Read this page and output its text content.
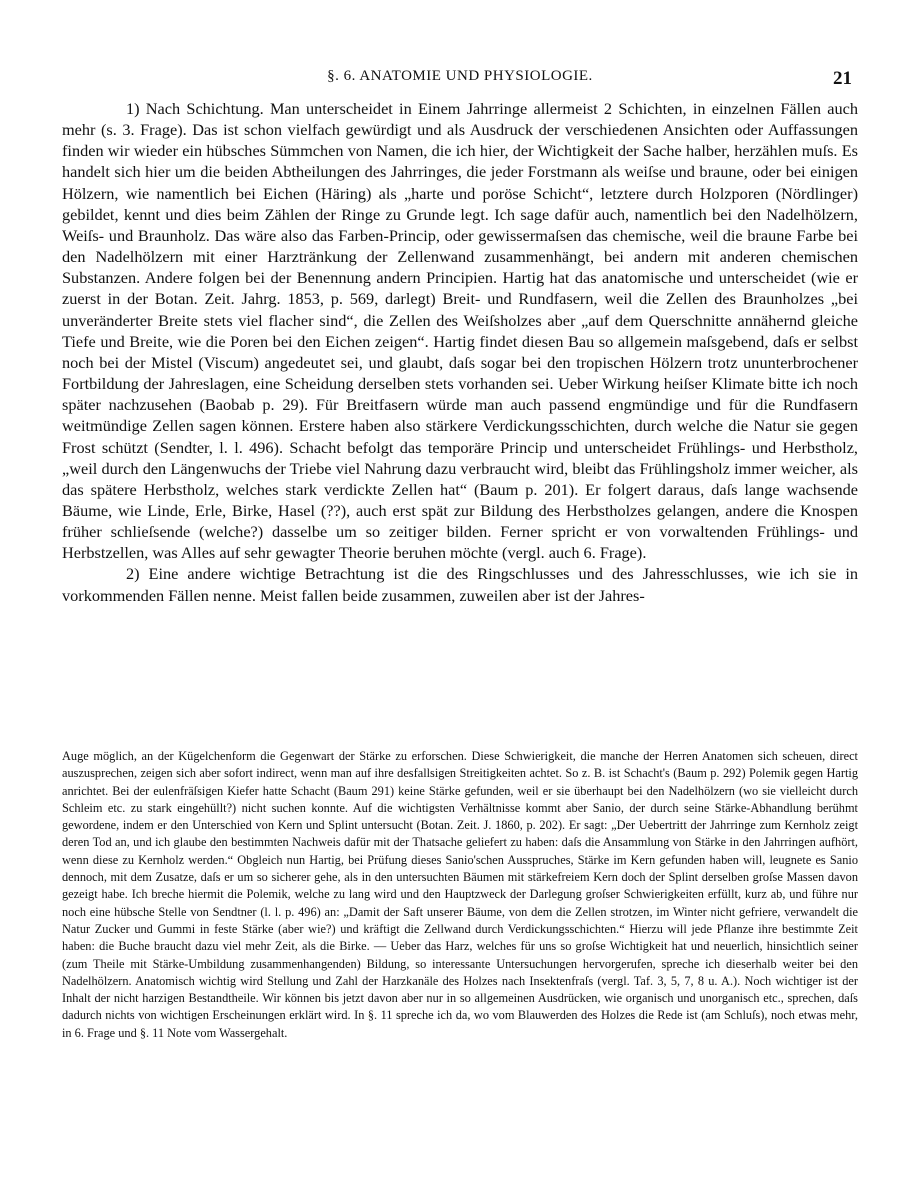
§. 6. ANATOMIE UND PHYSIOLOGIE.	21

1) Nach Schichtung. Man unterscheidet in Einem Jahrringe allermeist 2 Schichten, in einzelnen Fällen auch mehr (s. 3. Frage). Das ist schon vielfach gewürdigt und als Ausdruck der verschiedenen Ansichten oder Auffassungen finden wir wieder ein hübsches Sümmchen von Namen, die ich hier, der Wichtigkeit der Sache halber, herzählen muſs. Es handelt sich hier um die beiden Abtheilungen des Jahrringes, die jeder Forstmann als weiſse und braune, oder bei einigen Hölzern, wie namentlich bei Eichen (Häring) als „harte und poröse Schicht“, letztere durch Holzporen (Nördlinger) gebildet, kennt und dies beim Zählen der Ringe zu Grunde legt. Ich sage dafür auch, namentlich bei den Nadelhölzern, Weiſs- und Braunholz. Das wäre also das Farben-Princip, oder gewissermaſsen das chemische, weil die braune Farbe bei den Nadelhölzern mit einer Harztränkung der Zellenwand zusammenhängt, bei andern mit anderen chemischen Substanzen. Andere folgen bei der Benennung andern Principien. Hartig hat das anatomische und unterscheidet (wie er zuerst in der Botan. Zeit. Jahrg. 1853, p. 569, darlegt) Breit- und Rundfasern, weil die Zellen des Braunholzes „bei unveränderter Breite stets viel flacher sind“, die Zellen des Weiſsholzes aber „auf dem Querschnitte annähernd gleiche Tiefe und Breite, wie die Poren bei den Eichen zeigen“. Hartig findet diesen Bau so allgemein maſsgebend, daſs er selbst noch bei der Mistel (Viscum) angedeutet sei, und glaubt, daſs sogar bei den tropischen Hölzern trotz ununterbrochener Fortbildung der Jahreslagen, eine Scheidung derselben stets vorhanden sei. Ueber Wirkung heiſser Klimate bitte ich noch später nachzusehen (Baobab p. 29). Für Breitfasern würde man auch passend engmündige und für die Rundfasern weitmündige Zellen sagen können. Erstere haben also stärkere Verdickungsschichten, durch welche die Natur sie gegen Frost schützt (Sendter, l. l. 496). Schacht befolgt das temporäre Princip und unterscheidet Frühlings- und Herbstholz, „weil durch den Längenwuchs der Triebe viel Nahrung dazu verbraucht wird, bleibt das Frühlingsholz immer weicher, als das spätere Herbstholz, welches stark verdickte Zellen hat“ (Baum p. 201). Er folgert daraus, daſs lange wachsende Bäume, wie Linde, Erle, Birke, Hasel (??), auch erst spät zur Bildung des Herbstholzes gelangen, andere die Knospen früher schlieſsende (welche?) dasselbe um so zeitiger bilden. Ferner spricht er von vorwaltenden Frühlings- und Herbstzellen, was Alles auf sehr gewagter Theorie beruhen möchte (vergl. auch 6. Frage).

2) Eine andere wichtige Betrachtung ist die des Ringschlusses und des Jahresschlusses, wie ich sie in vorkommenden Fällen nenne. Meist fallen beide zusammen, zuweilen aber ist der Jahres-

Auge möglich, an der Kügelchenform die Gegenwart der Stärke zu erforschen. Diese Schwierigkeit, die manche der Herren Anatomen sich scheuen, direct auszusprechen, zeigen sich aber sofort indirect, wenn man auf ihre desfallsigen Streitigkeiten achtet. So z. B. ist Schacht's (Baum p. 292) Polemik gegen Hartig anrichtet. Bei der eulenfräſsigen Kiefer hatte Schacht (Baum 291) keine Stärke gefunden, weil er sie überhaupt bei den Nadelhölzern (wo sie vielleicht durch Schleim etc. zu stark eingehüllt?) nicht suchen konnte. Auf die wichtigsten Verhältnisse kommt aber Sanio, der durch seine Stärke-Abhandlung berühmt gewordene, indem er den Unterschied von Kern und Splint untersucht (Botan. Zeit. J. 1860, p. 202). Er sagt: „Der Uebertritt der Jahrringe zum Kernholz zeigt deren Tod an, und ich glaube den bestimmten Nachweis dafür mit der Thatsache geliefert zu haben: daſs die Ansammlung von Stärke in den Jahrringen aufhört, wenn diese zu Kernholz werden.“ Obgleich nun Hartig, bei Prüfung dieses Sanio'schen Ausspruches, Stärke im Kern gefunden haben will, leugnete es Sanio dennoch, mit dem Zusatze, daſs er um so sicherer gehe, als in den untersuchten Bäumen mit stärkefreiem Kern doch der Splint derselben groſse Massen davon gezeigt habe. Ich breche hiermit die Polemik, welche zu lang wird und den Hauptzweck der Darlegung groſser Schwierigkeiten erfüllt, kurz ab, und führe nur noch eine hübsche Stelle von Sendtner (l. l. p. 496) an: „Damit der Saft unserer Bäume, von dem die Zellen strotzen, im Winter nicht gefriere, verwandelt die Natur Zucker und Gummi in feste Stärke (aber wie?) und kräftigt die Zellwand durch Verdickungsschichten.“ Hierzu will jede Pflanze ihre bestimmte Zeit haben: die Buche braucht dazu viel mehr Zeit, als die Birke. — Ueber das Harz, welches für uns so groſse Wichtigkeit hat und neuerlich, hinsichtlich seiner (zum Theile mit Stärke-Umbildung zusammenhangenden) Bildung, so interessante Untersuchungen hervorgerufen, spreche ich dieserhalb weiter bei den Nadelhölzern. Anatomisch wichtig wird Stellung und Zahl der Harzkanäle des Holzes nach Insektenfraſs (vergl. Taf. 3, 5, 7, 8 u. A.). Noch wichtiger ist der Inhalt der nicht harzigen Bestandtheile. Wir können bis jetzt davon aber nur in so allgemeinen Ausdrücken, wie organisch und unorganisch etc., sprechen, daſs dadurch nichts von wichtigen Erscheinungen erklärt wird. In §. 11 spreche ich da, wo vom Blauwerden des Holzes die Rede ist (am Schluſs), noch etwas mehr, in 6. Frage und §. 11 Note vom Wassergehalt.
